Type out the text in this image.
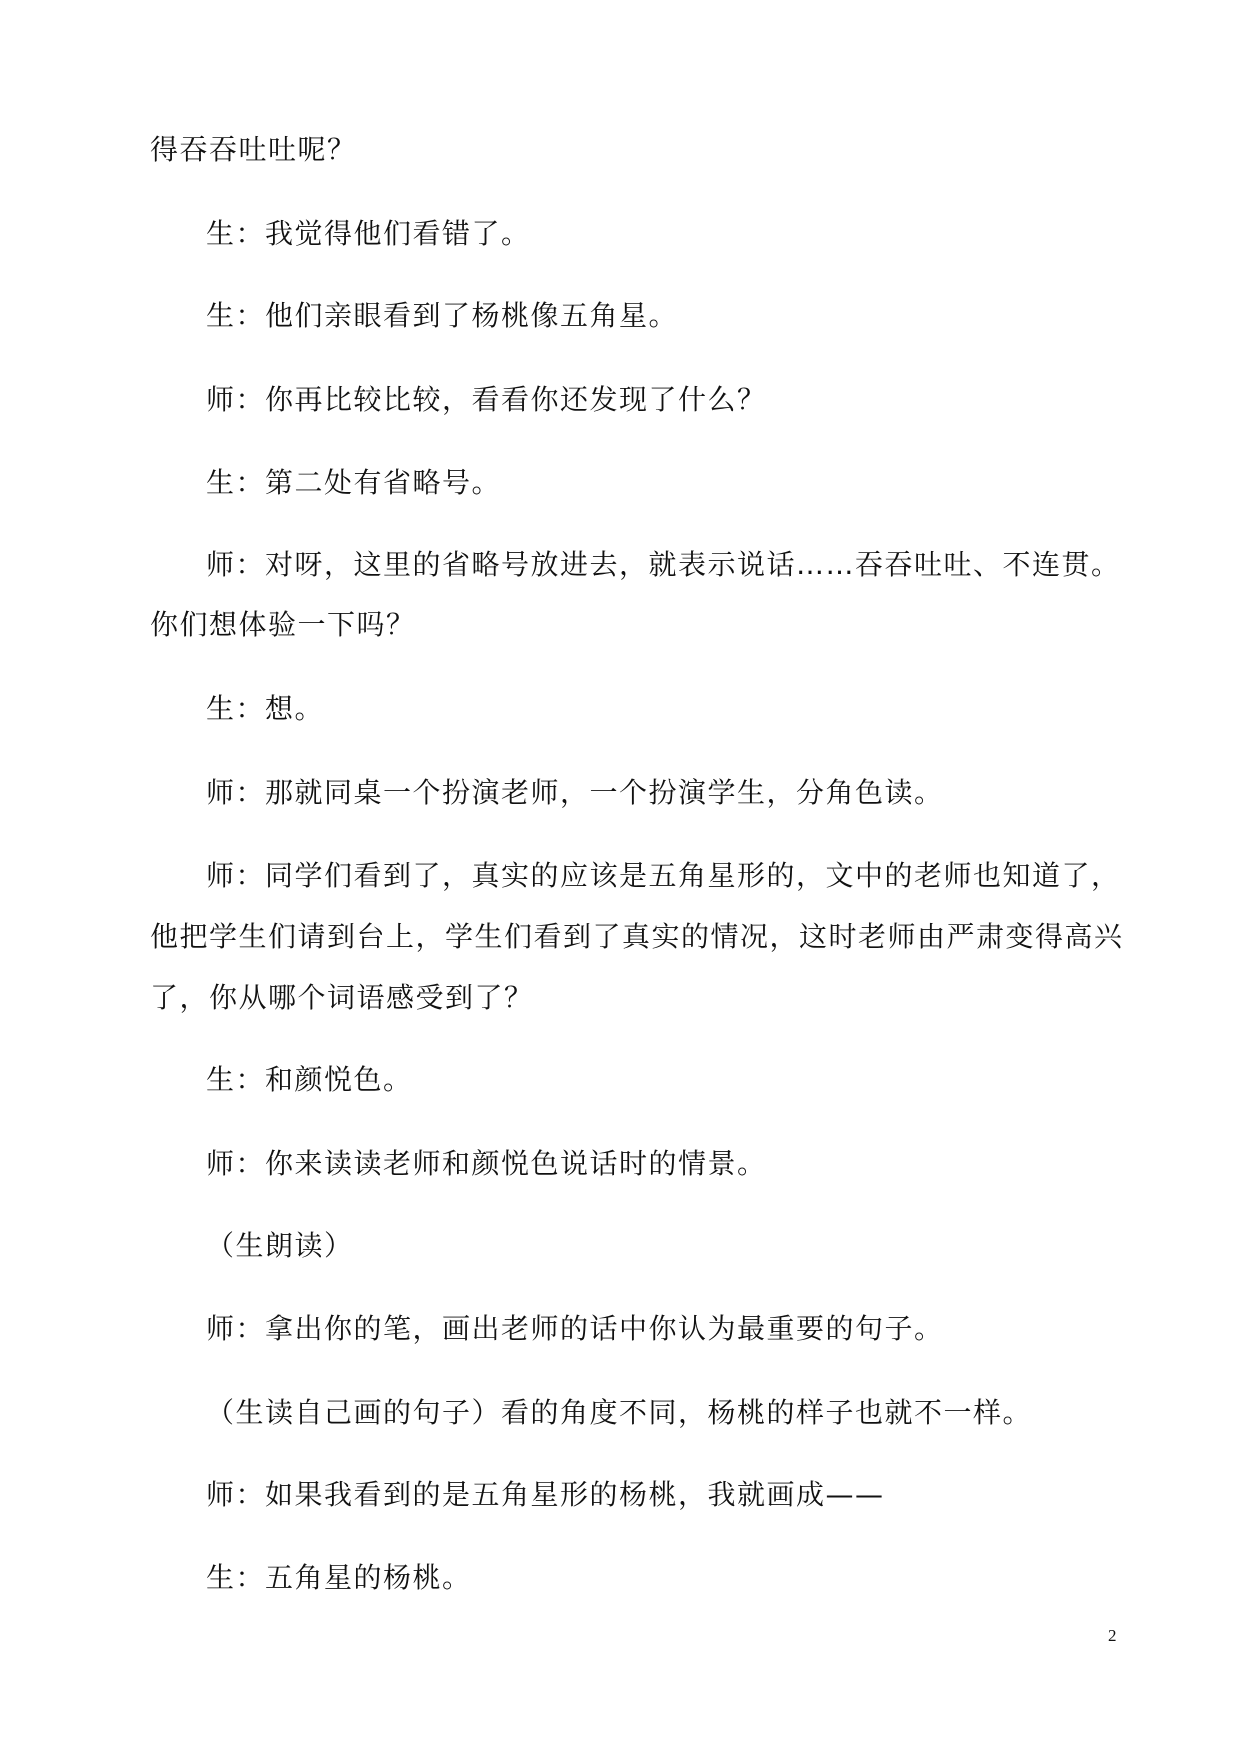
得吞吞吐吐呢？
生：我觉得他们看错了。
生：他们亲眼看到了杨桃像五角星。
师：你再比较比较，看看你还发现了什么？
生：第二处有省略号。
师：对呀，这里的省略号放进去，就表示说话……吞吞吐吐、不连贯。
你们想体验一下吗？
生：想。
师：那就同桌一个扮演老师，一个扮演学生，分角色读。
师：同学们看到了，真实的应该是五角星形的，文中的老师也知道了，
他把学生们请到台上，学生们看到了真实的情况，这时老师由严肃变得高兴
了，你从哪个词语感受到了？
生：和颜悦色。
师：你来读读老师和颜悦色说话时的情景。
（生朗读）
师：拿出你的笔，画出老师的话中你认为最重要的句子。
（生读自己画的句子）看的角度不同，杨桃的样子也就不一样。
师：如果我看到的是五角星形的杨桃，我就画成——
生：五角星的杨桃。
2
